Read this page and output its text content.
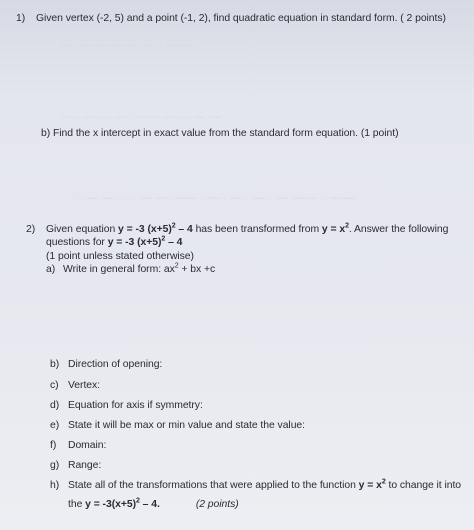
— ·· — ·— ··· —·· — ·· ·— —·
—·· ·— ···· ·—·· —·— ·—·· ·· — ·—
·· — ·—·· ···· ·— —·· ·—— · ·—·· — ·· ·—·· ·— ·—·— ·· —·—·
1) Given vertex (-2, 5) and a point (-1, 2), find quadratic equation in standard form. ( 2 points)
b) Find the x intercept in exact value from the standard form equation. (1 point)
2) Given equation y = -3 $(x+5)^2 - 4$ has been transformed from $y = x^2$. Answer the following
questions for y = -3 $(x+5)^2 - 4$
(1 point unless stated otherwise)
a) Write in general form: $ax^2$ + bx +c
b) Direction of opening:
c) Vertex:
d) Equation for axis if symmetry:
e) State it will be max or min value and state the value:
f) Domain:
g) Range:
h) State all of the transformations that were applied to the function $y = x^2$ to change it into
the $y = -3(x+5)^2 - 4$.	(2 points)
